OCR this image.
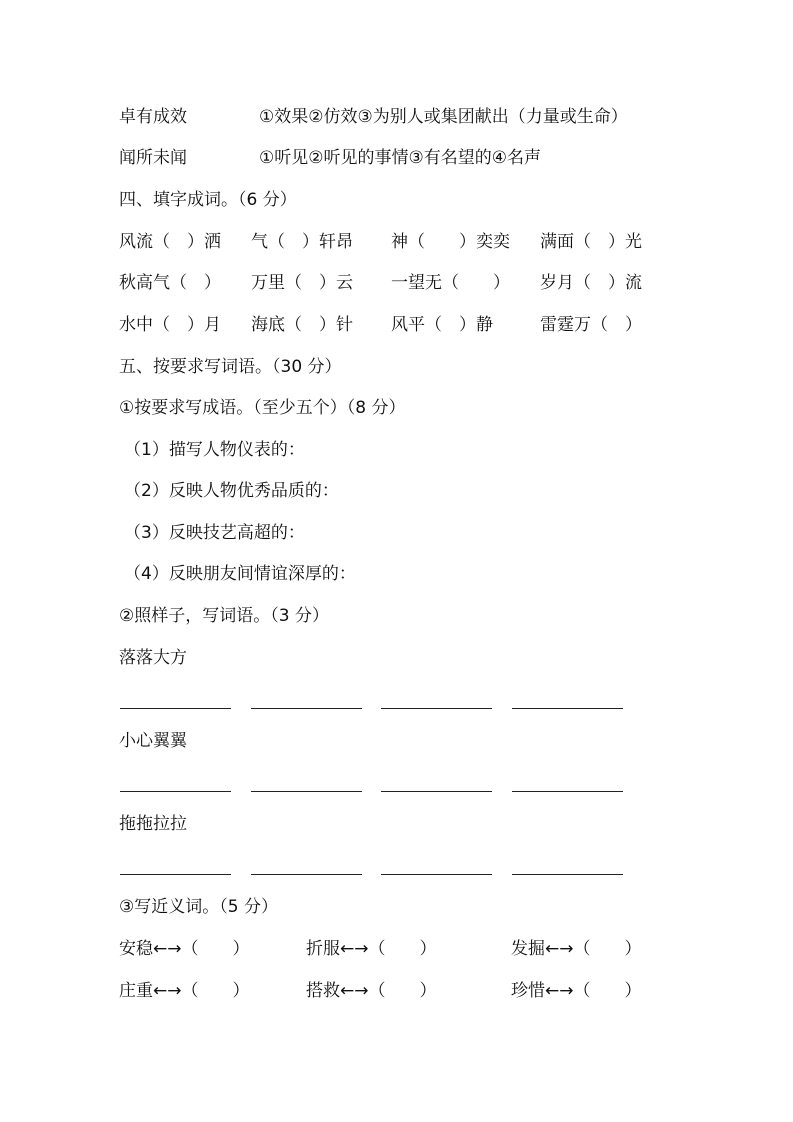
卓有成效	①效果②仿效③为别人或集团献出（力量或生命）
闻所未闻	①听见②听见的事情③有名望的④名声
四、填字成词。（6 分）
风流（　）洒 气（　）轩昂 神（　　）奕奕 满面（　）光
秋高气（　） 万里（　）云 一望无（　　） 岁月（　）流
水中（　）月 海底（　）针 风平（　）静	雷霆万（　）
五、按要求写词语。（30 分）
①按要求写成语。（至少五个）（8 分）
（1）描写人物仪表的：
（2）反映人物优秀品质的：
（3）反映技艺高超的：
（4）反映朋友间情谊深厚的：
②照样子，写词语。（3 分）
落落大方
小心翼翼
拖拖拉拉
③写近义词。（5 分）
安稳←→（　　）	折服←→（　　）	发掘←→（　　）
庄重←→（　　）	搭救←→（　　）	珍惜←→（　　）
